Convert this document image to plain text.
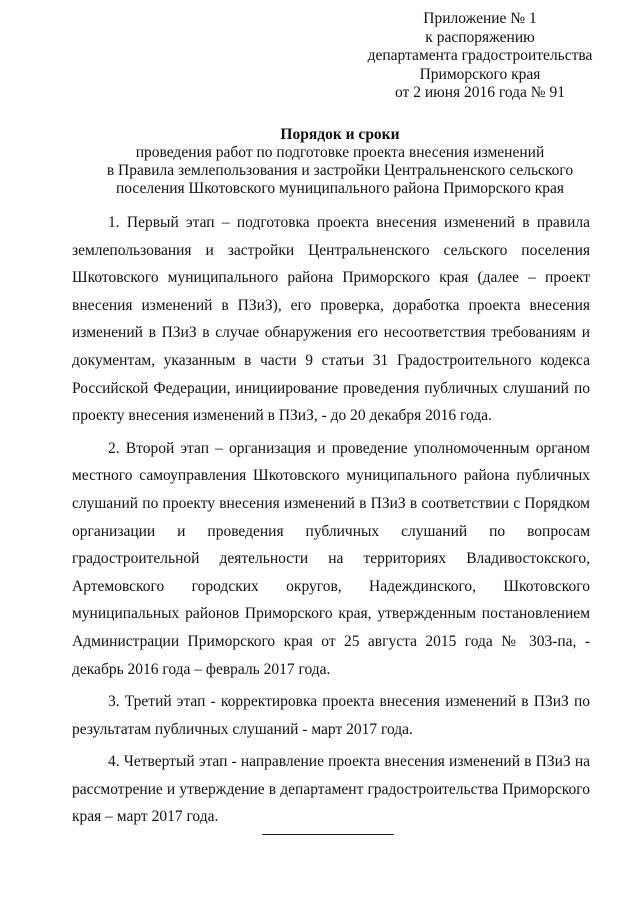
Приложение № 1
к распоряжению
департамента градостроительства
Приморского края
от 2 июня 2016 года № 91
Порядок и сроки
проведения работ по подготовке проекта внесения изменений
в Правила землепользования и застройки Центральненского сельского
поселения Шкотовского муниципального района Приморского края

1. Первый этап – подготовка проекта внесения изменений в правила землепользования и застройки Центральненского сельского поселения Шкотовского муниципального района Приморского края (далее – проект внесения изменений в ПЗиЗ), его проверка, доработка проекта внесения изменений в ПЗиЗ в случае обнаружения его несоответствия требованиям и документам, указанным в части 9 статьи 31 Градостроительного кодекса Российской Федерации, инициирование проведения публичных слушаний по проекту внесения изменений в ПЗиЗ, - до 20 декабря 2016 года.

2. Второй этап – организация и проведение уполномоченным органом местного самоуправления Шкотовского муниципального района публичных слушаний по проекту внесения изменений в ПЗиЗ в соответствии с Порядком организации и проведения публичных слушаний по вопросам градостроительной деятельности на территориях Владивостокского, Артемовского городских округов, Надеждинского, Шкотовского муниципальных районов Приморского края, утвержденным постановлением Администрации Приморского края от 25 августа 2015 года № 303-па, - декабрь 2016 года – февраль 2017 года.

3. Третий этап - корректировка проекта внесения изменений в ПЗиЗ по результатам публичных слушаний - март 2017 года.

4. Четвертый этап - направление проекта внесения изменений в ПЗиЗ на рассмотрение и утверждение в департамент градостроительства Приморского края – март 2017 года.
